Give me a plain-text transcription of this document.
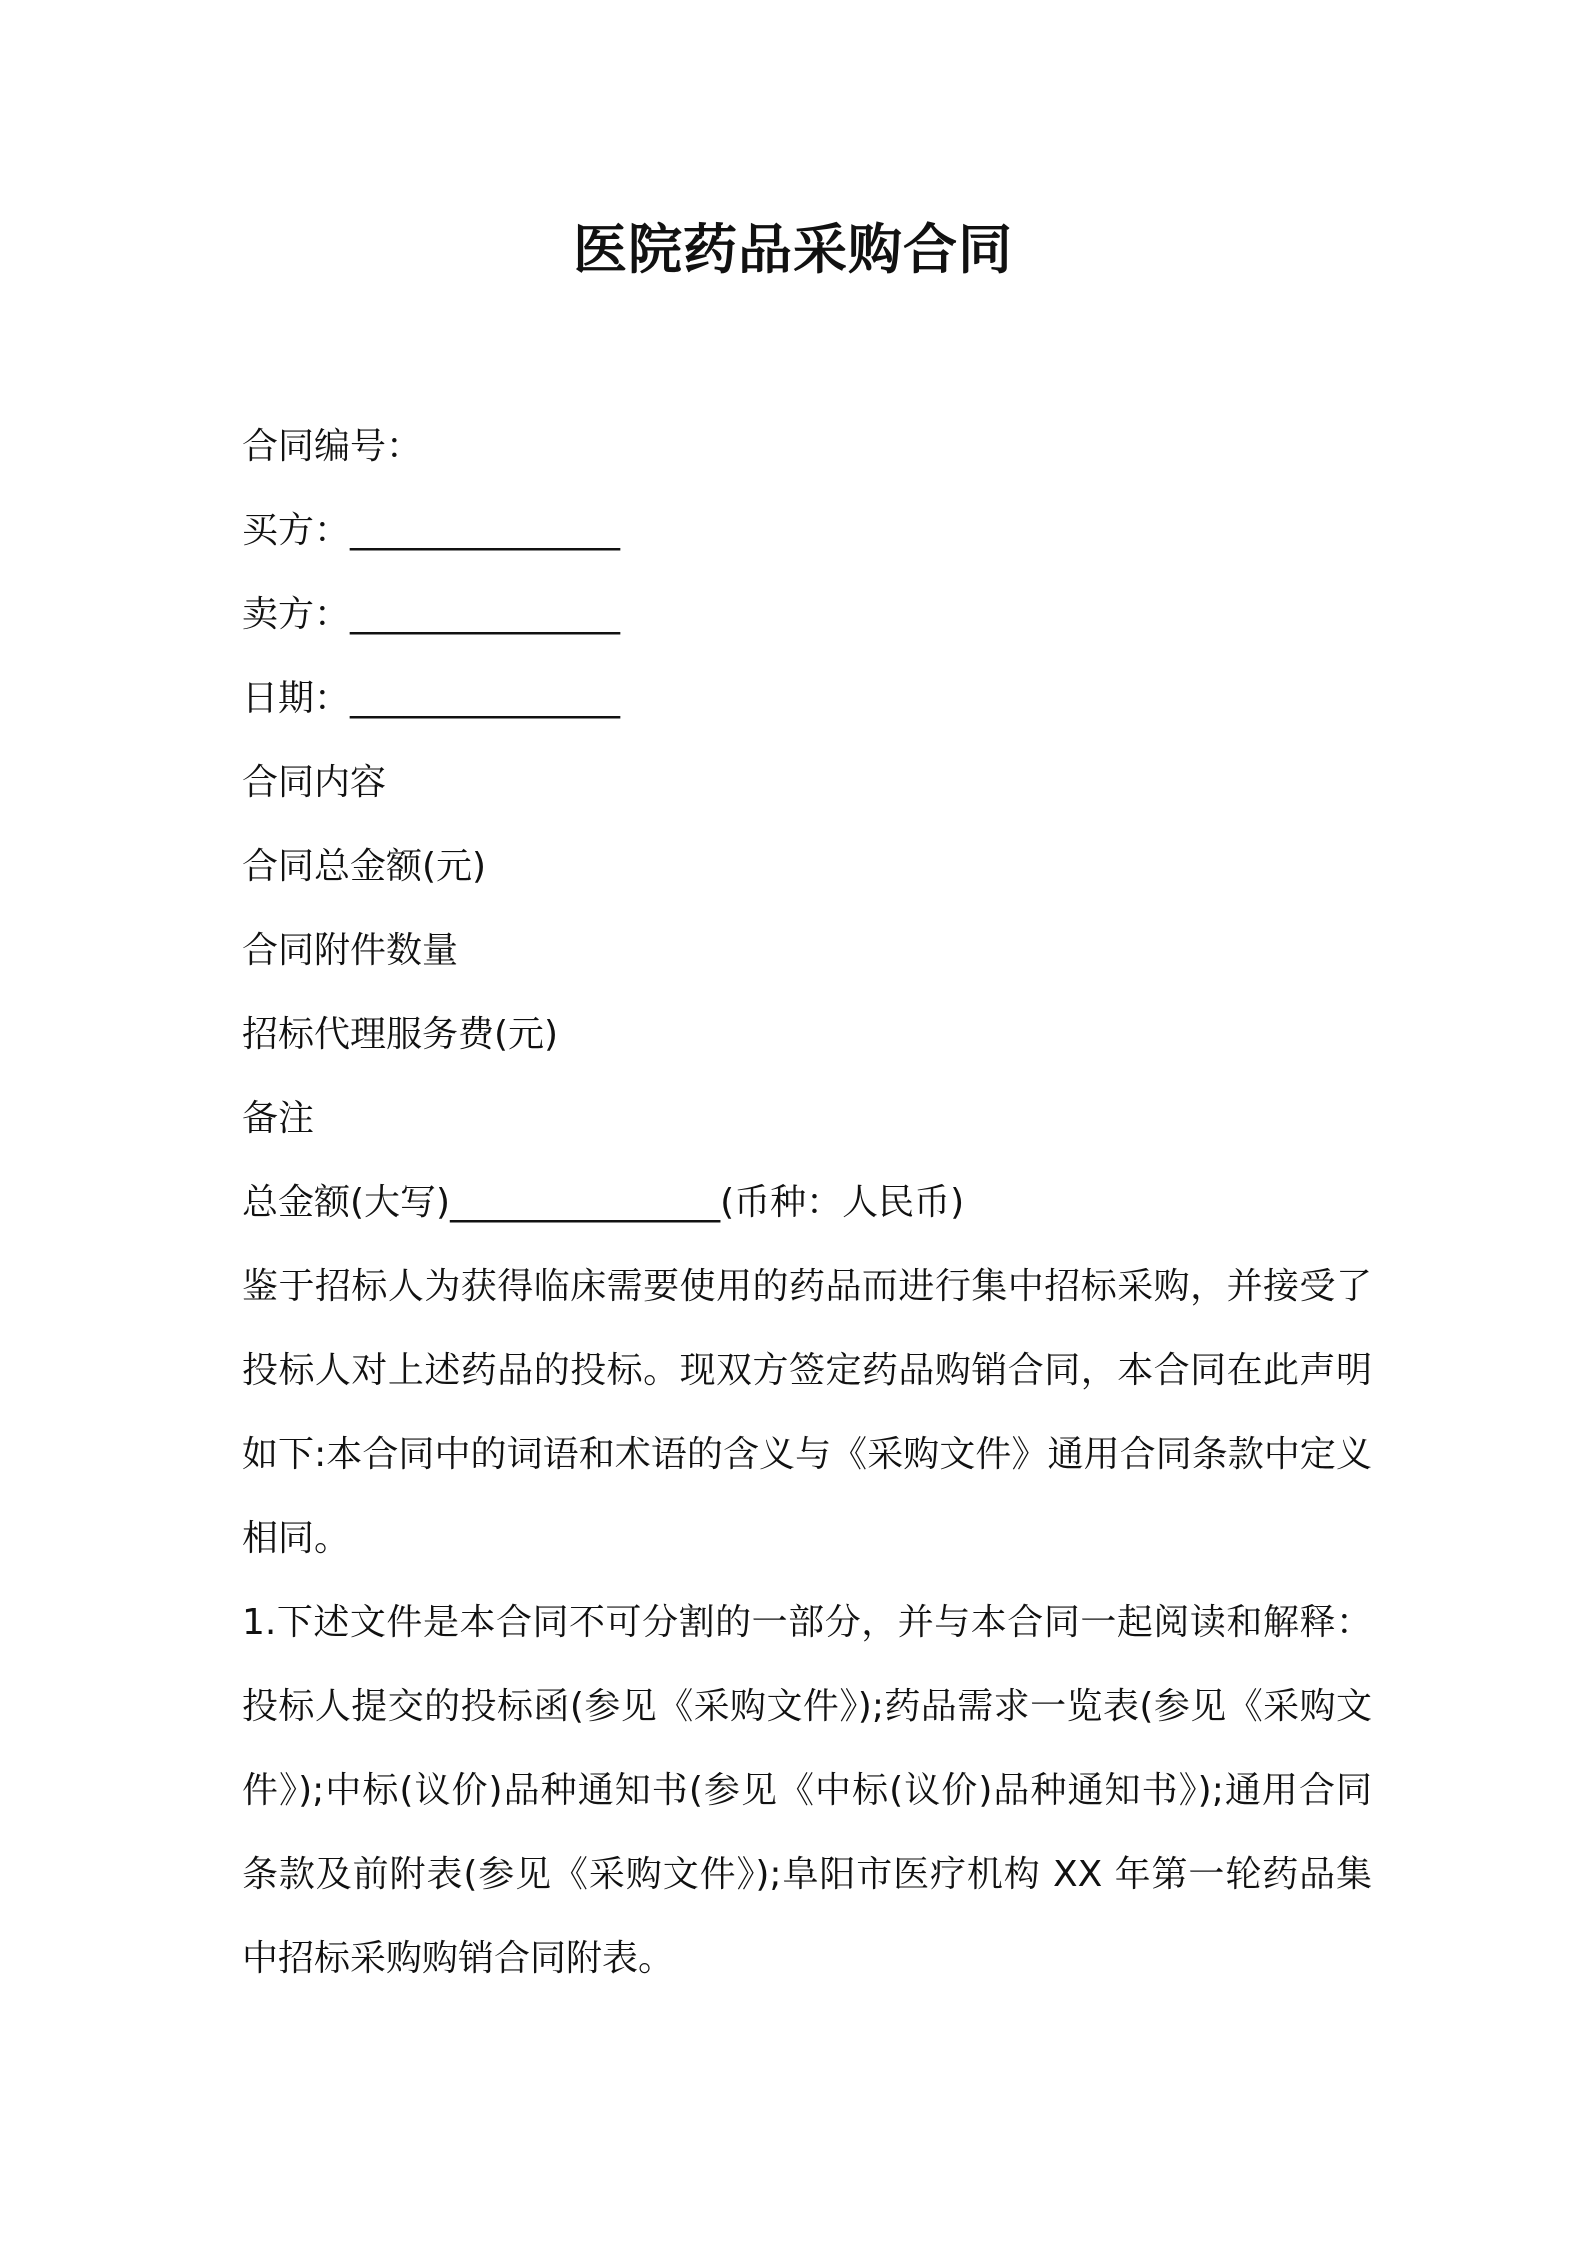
医院药品采购合同

合同编号：

买方：_______________

卖方：_______________

日期：_______________

合同内容

合同总金额(元)

合同附件数量

招标代理服务费(元)

备注

总金额(大写)_______________(币种：人民币)

鉴于招标人为获得临床需要使用的药品而进行集中招标采购，并接受了投标人对上述药品的投标。现双方签定药品购销合同，本合同在此声明如下:本合同中的词语和术语的含义与《采购文件》通用合同条款中定义相同。

1.下述文件是本合同不可分割的一部分，并与本合同一起阅读和解释：投标人提交的投标函(参见《采购文件》);药品需求一览表(参见《采购文件》);中标(议价)品种通知书(参见《中标(议价)品种通知书》);通用合同条款及前附表(参见《采购文件》);阜阳市医疗机构 XX 年第一轮药品集中招标采购购销合同附表。
